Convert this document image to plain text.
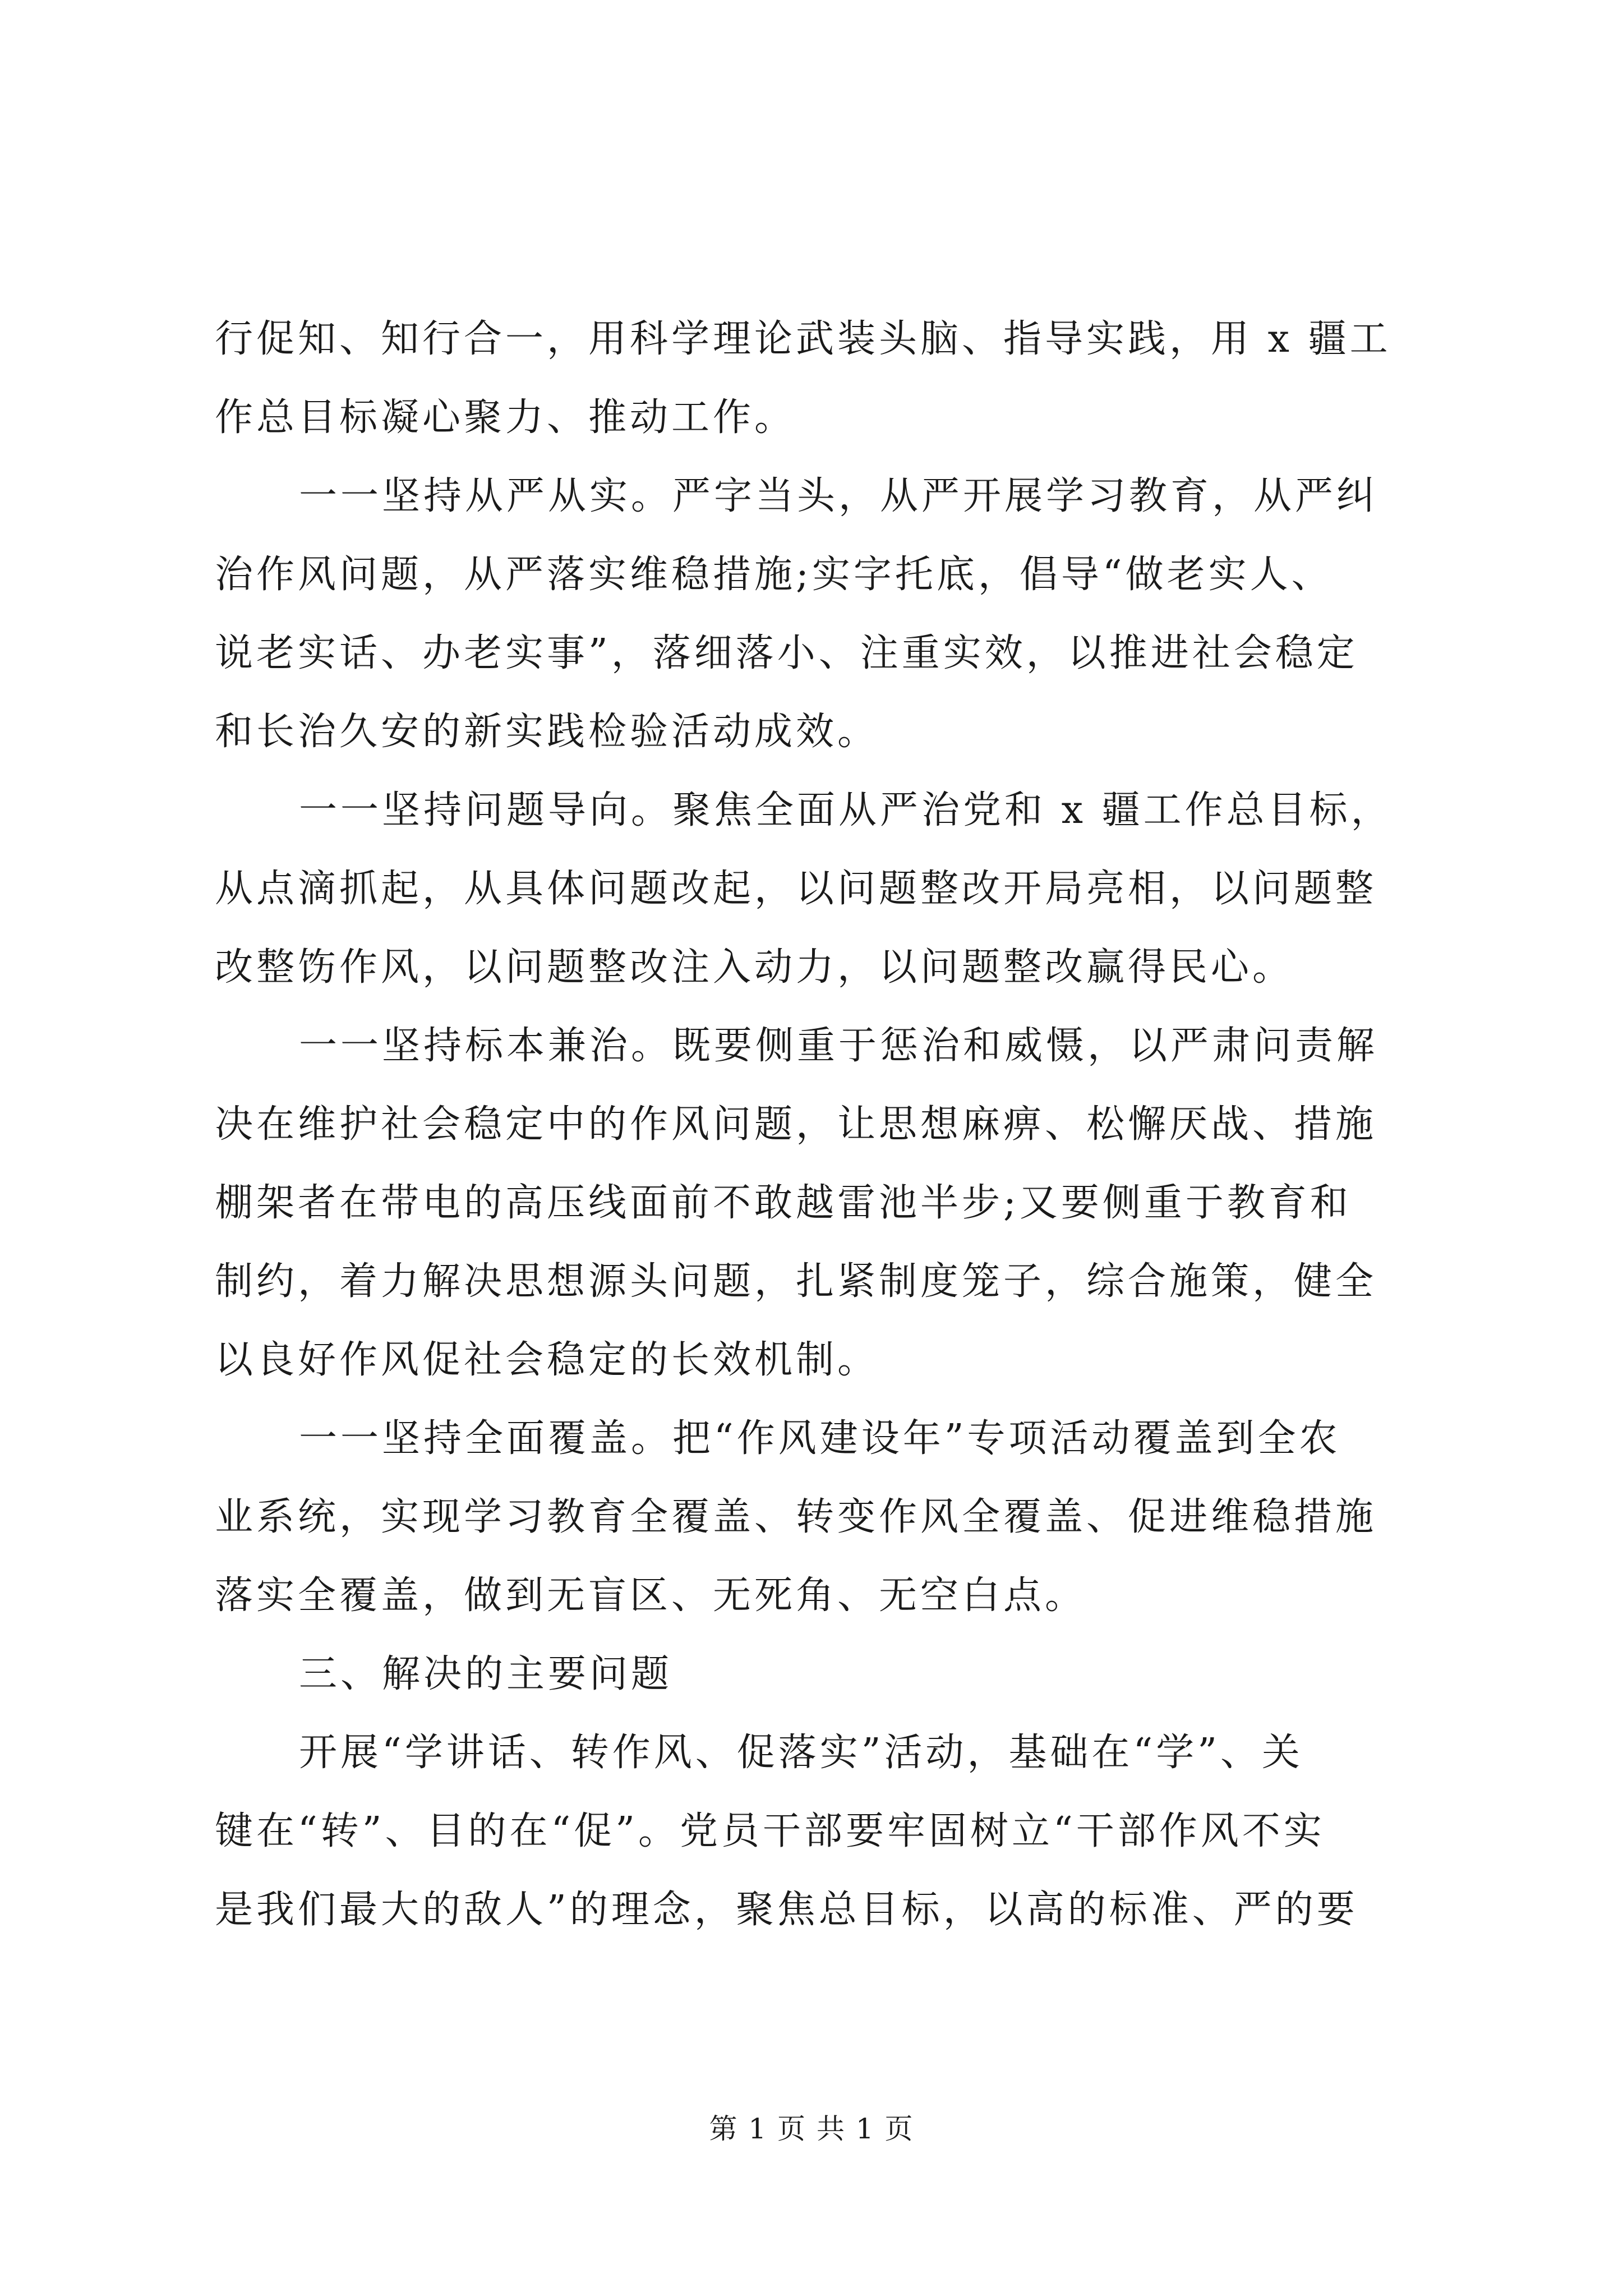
行促知、知行合一，用科学理论武装头脑、指导实践，用 x 疆工
作总目标凝心聚力、推动工作。
一一坚持从严从实。严字当头，从严开展学习教育，从严纠
治作风问题，从严落实维稳措施;实字托底，倡导“做老实人、
说老实话、办老实事”，落细落小、注重实效，以推进社会稳定
和长治久安的新实践检验活动成效。
一一坚持问题导向。聚焦全面从严治党和 x 疆工作总目标，
从点滴抓起，从具体问题改起，以问题整改开局亮相，以问题整
改整饬作风，以问题整改注入动力，以问题整改赢得民心。
一一坚持标本兼治。既要侧重于惩治和威慑，以严肃问责解
决在维护社会稳定中的作风问题，让思想麻痹、松懈厌战、措施
棚架者在带电的高压线面前不敢越雷池半步;又要侧重于教育和
制约，着力解决思想源头问题，扎紧制度笼子，综合施策，健全
以良好作风促社会稳定的长效机制。
一一坚持全面覆盖。把“作风建设年”专项活动覆盖到全农
业系统，实现学习教育全覆盖、转变作风全覆盖、促进维稳措施
落实全覆盖，做到无盲区、无死角、无空白点。
三、解决的主要问题
开展“学讲话、转作风、促落实”活动，基础在“学”、关
键在“转”、目的在“促”。党员干部要牢固树立“干部作风不实
是我们最大的敌人”的理念，聚焦总目标，以高的标准、严的要
第 1 页 共 1 页
